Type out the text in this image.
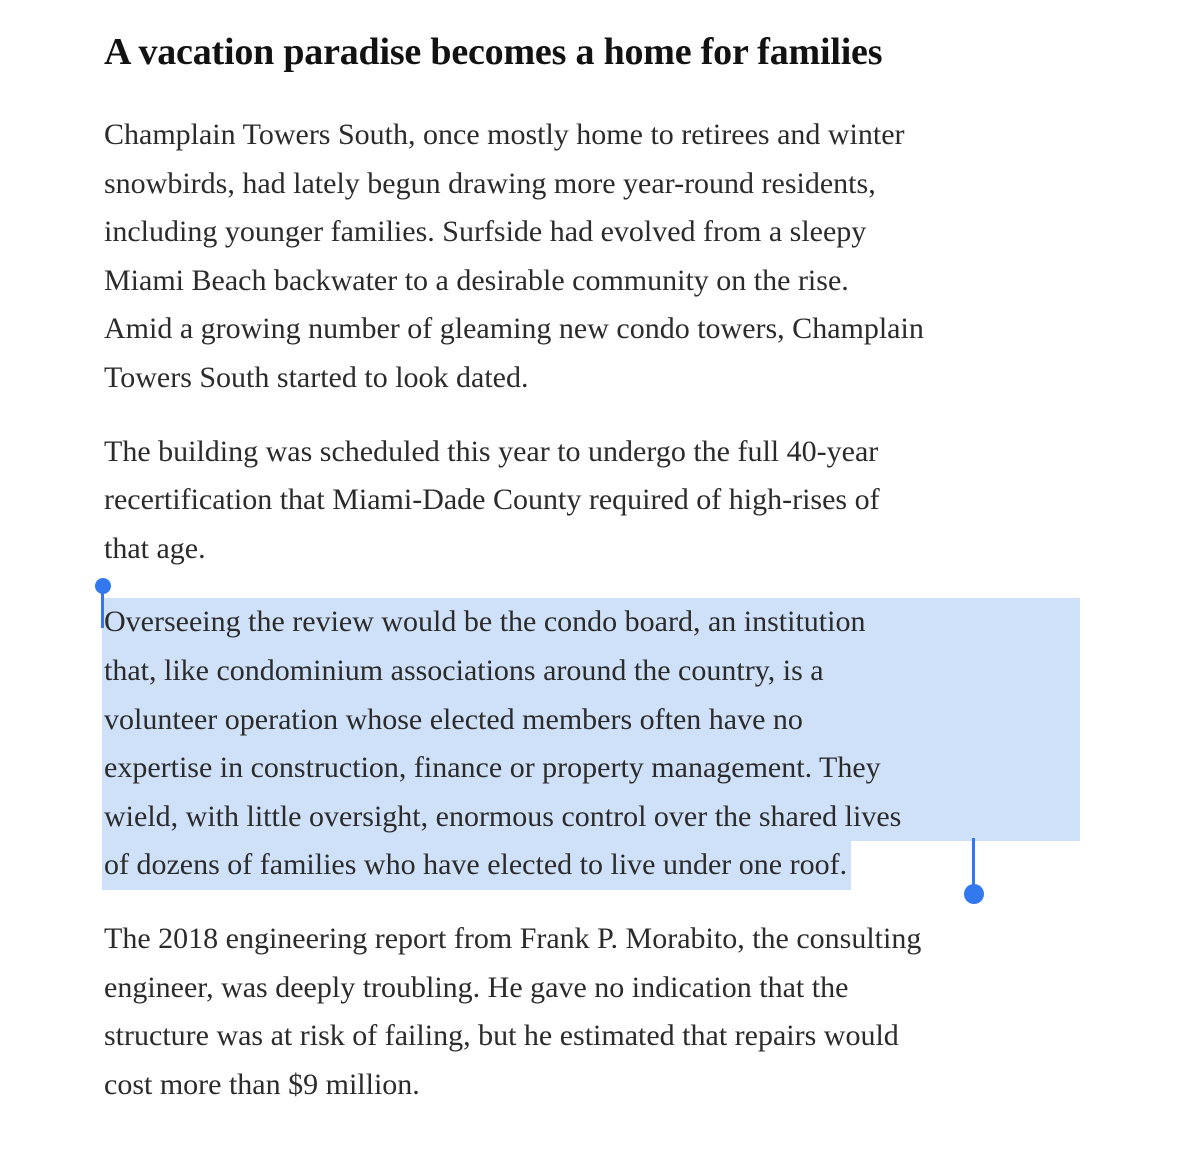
A vacation paradise becomes a home for families

Champlain Towers South, once mostly home to retirees and winter
snowbirds, had lately begun drawing more year-round residents,
including younger families. Surfside had evolved from a sleepy
Miami Beach backwater to a desirable community on the rise.
Amid a growing number of gleaming new condo towers, Champlain
Towers South started to look dated.

The building was scheduled this year to undergo the full 40-year
recertification that Miami-Dade County required of high-rises of
that age.

Overseeing the review would be the condo board, an institution
that, like condominium associations around the country, is a
volunteer operation whose elected members often have no
expertise in construction, finance or property management. They
wield, with little oversight, enormous control over the shared lives
of dozens of families who have elected to live under one roof.

The 2018 engineering report from Frank P. Morabito, the consulting
engineer, was deeply troubling. He gave no indication that the
structure was at risk of failing, but he estimated that repairs would
cost more than $9 million.
